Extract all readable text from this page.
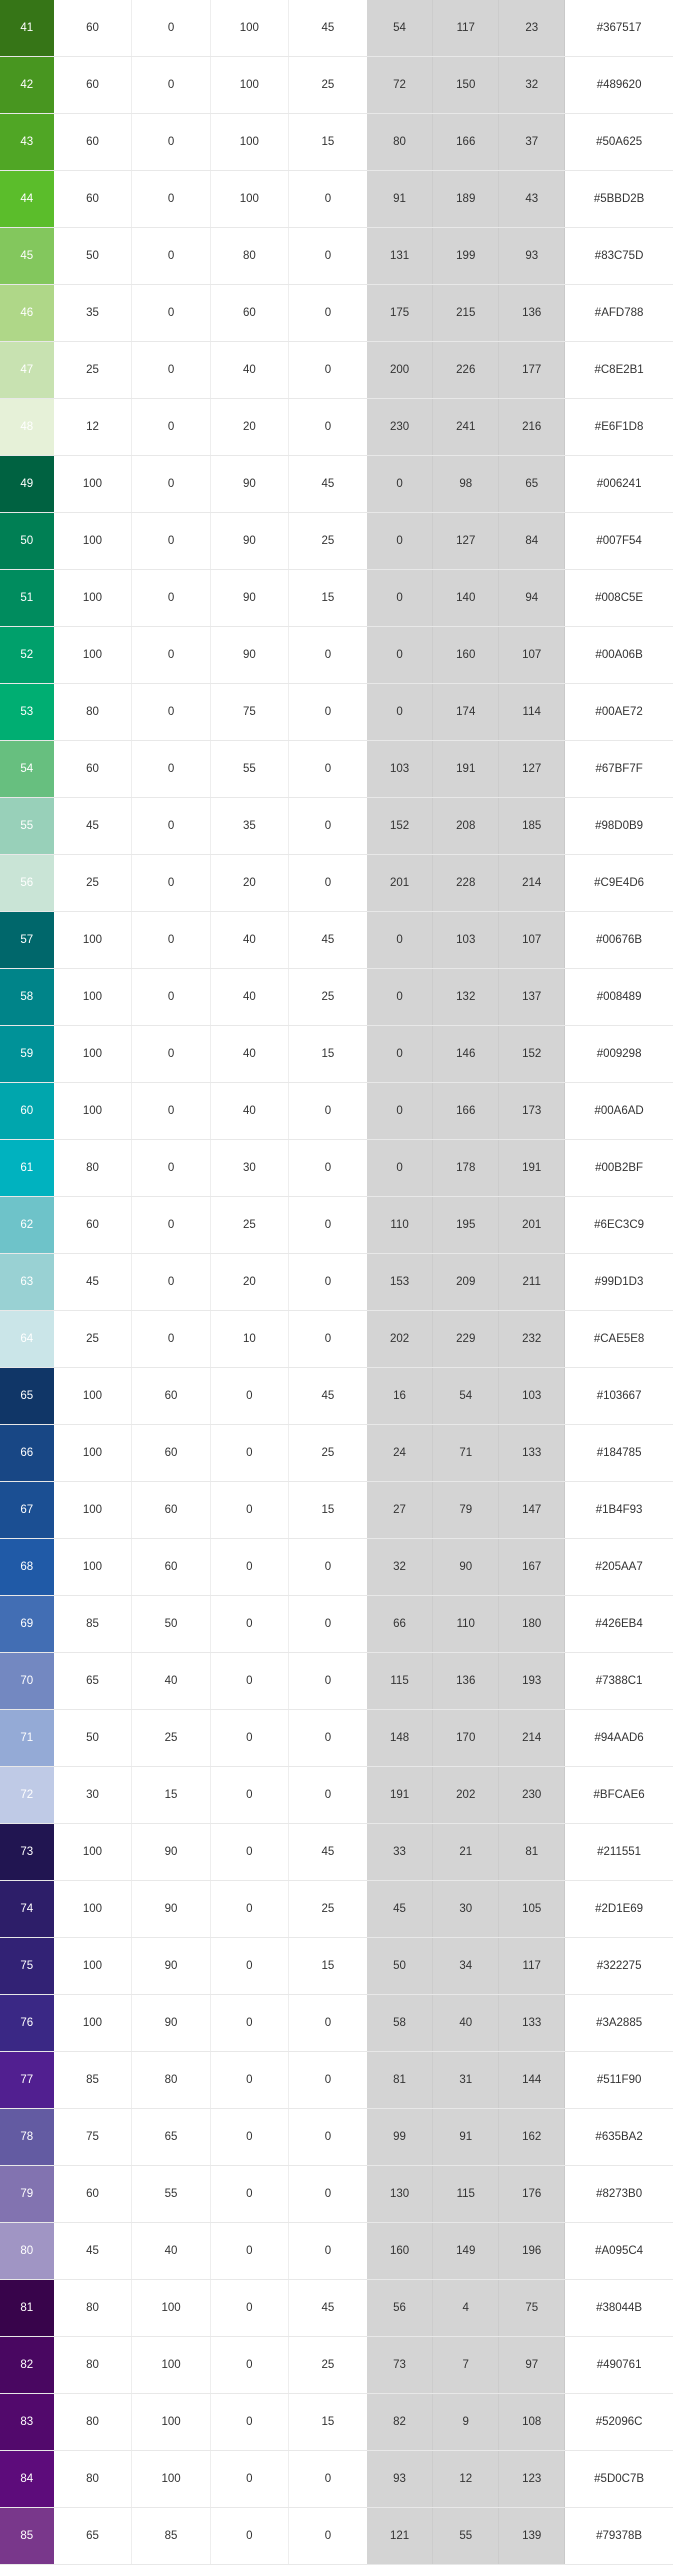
41	60	0	100	45	54	117	23	#367517
42	60	0	100	25	72	150	32	#489620
43	60	0	100	15	80	166	37	#50A625
44	60	0	100	0	91	189	43	#5BBD2B
45	50	0	80	0	131	199	93	#83C75D
46	35	0	60	0	175	215	136	#AFD788
47	25	0	40	0	200	226	177	#C8E2B1
48	12	0	20	0	230	241	216	#E6F1D8
49	100	0	90	45	0	98	65	#006241
50	100	0	90	25	0	127	84	#007F54
51	100	0	90	15	0	140	94	#008C5E
52	100	0	90	0	0	160	107	#00A06B
53	80	0	75	0	0	174	114	#00AE72
54	60	0	55	0	103	191	127	#67BF7F
55	45	0	35	0	152	208	185	#98D0B9
56	25	0	20	0	201	228	214	#C9E4D6
57	100	0	40	45	0	103	107	#00676B
58	100	0	40	25	0	132	137	#008489
59	100	0	40	15	0	146	152	#009298
60	100	0	40	0	0	166	173	#00A6AD
61	80	0	30	0	0	178	191	#00B2BF
62	60	0	25	0	110	195	201	#6EC3C9
63	45	0	20	0	153	209	211	#99D1D3
64	25	0	10	0	202	229	232	#CAE5E8
65	100	60	0	45	16	54	103	#103667
66	100	60	0	25	24	71	133	#184785
67	100	60	0	15	27	79	147	#1B4F93
68	100	60	0	0	32	90	167	#205AA7
69	85	50	0	0	66	110	180	#426EB4
70	65	40	0	0	115	136	193	#7388C1
71	50	25	0	0	148	170	214	#94AAD6
72	30	15	0	0	191	202	230	#BFCAE6
73	100	90	0	45	33	21	81	#211551
74	100	90	0	25	45	30	105	#2D1E69
75	100	90	0	15	50	34	117	#322275
76	100	90	0	0	58	40	133	#3A2885
77	85	80	0	0	81	31	144	#511F90
78	75	65	0	0	99	91	162	#635BA2
79	60	55	0	0	130	115	176	#8273B0
80	45	40	0	0	160	149	196	#A095C4
81	80	100	0	45	56	4	75	#38044B
82	80	100	0	25	73	7	97	#490761
83	80	100	0	15	82	9	108	#52096C
84	80	100	0	0	93	12	123	#5D0C7B
85	65	85	0	0	121	55	139	#79378B
